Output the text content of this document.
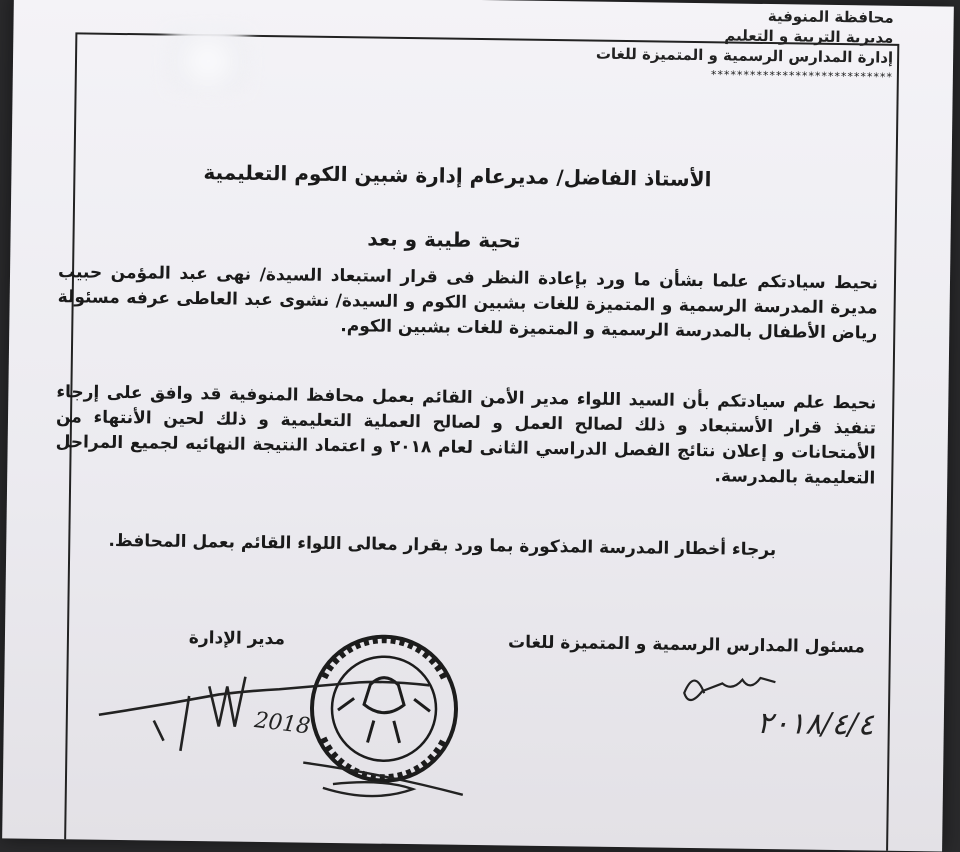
محافظة المنوفية
مديرية التربية و التعليم
إدارة المدارس الرسمية و المتميزة للغات
****************************
الأستاذ الفاضل/ مديرعام إدارة شبين الكوم التعليمية
تحية طيبة و بعد
نحيط سيادتكم علما بشأن ما ورد بإعادة النظر فى قرار استبعاد السيدة/ نهى عبد المؤمن حبيب مديرة المدرسة الرسمية و المتميزة للغات بشبين الكوم و السيدة/ نشوى عبد العاطى عرفه مسئولة رياض الأطفال بالمدرسة الرسمية و المتميزة للغات بشبين الكوم.
نحيط علم سيادتكم بأن السيد اللواء مدير الأمن القائم بعمل محافظ المنوفية قد وافق على إرجاء تنفيذ قرار الأستبعاد و ذلك لصالح العمل و لصالح العملية التعليمية و ذلك لحين الأنتهاء من الأمتحانات و إعلان نتائج الفصل الدراسي الثانى لعام ٢٠١٨ و اعتماد النتيجة النهائيه لجميع المراحل التعليمية بالمدرسة.
برجاء أخطار المدرسة المذكورة بما ورد بقرار معالى اللواء القائم بعمل المحافظ.
مسئول المدارس الرسمية و المتميزة للغات
مدير الإدارة
٢٠١٨/٤/٤
2018
